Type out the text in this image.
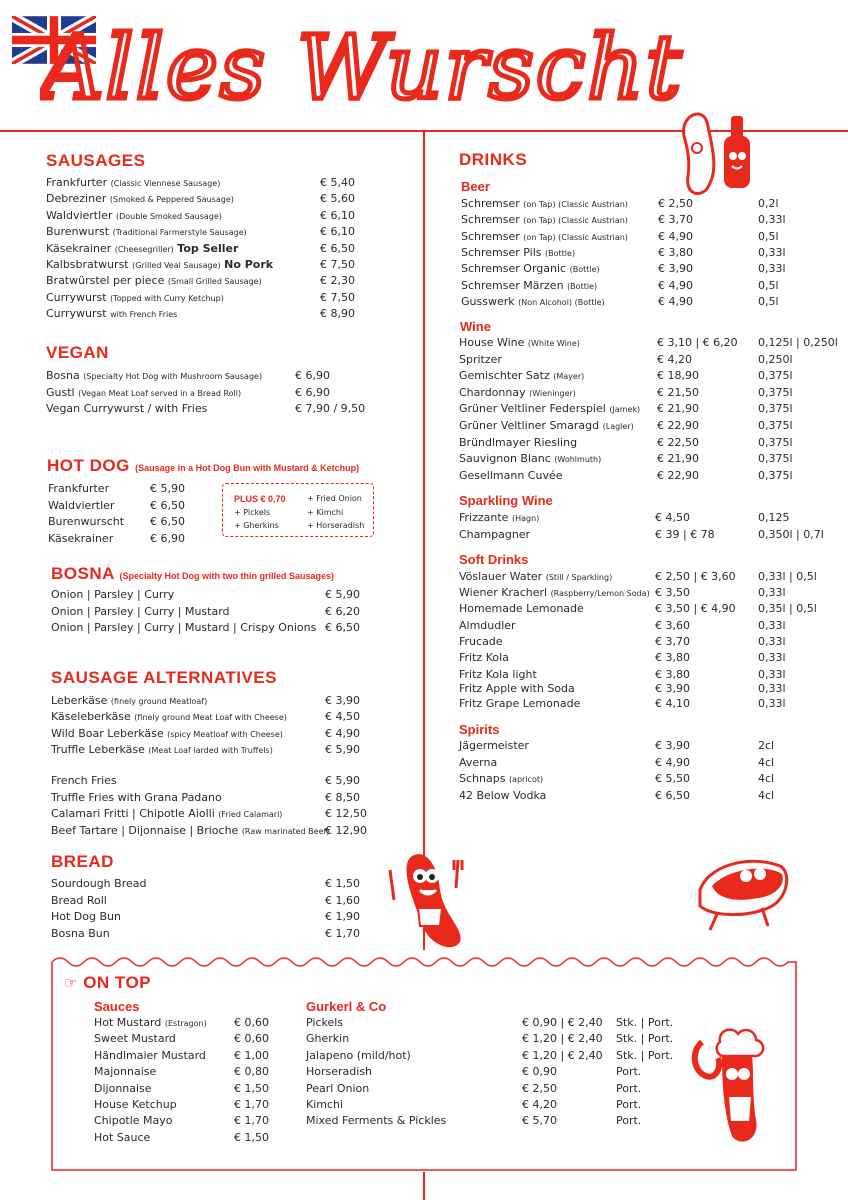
Alles Wurscht
SAUSAGES
Frankfurter (Classic Viennese Sausage)	€ 5,40
Debreziner (Smoked & Peppered Sausage)	€ 5,60
Waldviertler (Double Smoked Sausage)	€ 6,10
Burenwurst (Traditional Farmerstyle Sausage)	€ 6,10
Käsekrainer (Cheesegriller) Top Seller	€ 6,50
Kalbsbratwurst (Grilled Veal Sausage) No Pork	€ 7,50
Bratwürstel per piece (Small Grilled Sausage)	€ 2,30
Currywurst (Topped with Curry Ketchup)	€ 7,50
Currywurst with French Fries	€ 8,90
VEGAN
Bosna (Specialty Hot Dog with Mushroom Sausage)	€ 6,90
Gustl (Vegan Meat Loaf served in a Bread Roll)	€ 6,90
Vegan Currywurst / with Fries	€ 7,90 / 9,50
HOT DOG (Sausage in a Hot Dog Bun with Mustard & Ketchup)
Frankfurter	€ 5,90
Waldviertler	€ 6,50
Burenwurscht € 6,50
Käsekrainer	€ 6,90
PLUS € 0,70	+ Fried Onion
+ Pickels	+ Kimchi
+ Gherkins	+ Horseradish
BOSNA (Specialty Hot Dog with two thin grilled Sausages)
Onion | Parsley | Curry	€ 5,90
Onion | Parsley | Curry | Mustard	€ 6,20
Onion | Parsley | Curry | Mustard | Crispy Onions € 6,50
SAUSAGE ALTERNATIVES
Leberkäse (finely ground Meatloaf)	€ 3,90
Käseleberkäse (finely ground Meat Loaf with Cheese)	€ 4,50
Wild Boar Leberkäse (spicy Meatloaf with Cheese)	€ 4,90
Truffle Leberkäse (Meat Loaf larded with Truffels)	€ 5,90
French Fries	€ 5,90
Truffle Fries with Grana Padano	€ 8,50
Calamari Fritti | Chipotle Aiolli (Fried Calamari)	€ 12,50
Beef Tartare | Dijonnaise | Brioche (Raw marinated Beef)
€ 12,90
BREAD
Sourdough Bread	€ 1,50
Bread Roll	€ 1,60
Hot Dog Bun	€ 1,90
Bosna Bun	€ 1,70
DRINKS
Beer
Schremser (on Tap) (Classic Austrian)	€ 2,50	0,2l
Schremser (on Tap) (Classic Austrian)	€ 3,70	0,33l
Schremser (on Tap) (Classic Austrian)	€ 4,90	0,5l
Schremser Pils (Bottle)	€ 3,80	0,33l
Schremser Organic (Bottle)	€ 3,90	0,33l
Schremser Märzen (Bottle)	€ 4,90	0,5l
Gusswerk (Non Alcohol) (Bottle)	€ 4,90	0,5l
Wine
House Wine (White Wine)	€ 3,10 | € 6,20 0,125l | 0,250l
Spritzer	€ 4,20	0,250l
Gemischter Satz (Mayer)	€ 18,90	0,375l
Chardonnay (Wieninger)	€ 21,50	0,375l
Grüner Veltliner Federspiel (Jamek) € 21,90	0,375l
Grüner Veltliner Smaragd (Lagler) € 22,90	0,375l
Bründlmayer Riesling	€ 22,50	0,375l
Sauvignon Blanc (Wohlmuth)	€ 21,90	0,375l
Gesellmann Cuvée	€ 22,90	0,375l
Sparkling Wine
Frizzante (Hagn)	€ 4,50	0,125
Champagner	€ 39 | € 78	0,350l | 0,7l
Soft Drinks
Vöslauer Water (Still / Sparkling)	€ 2,50 | € 3,60 0,33l | 0,5l
Wiener Kracherl (Raspberry/Lemon Soda) € 3,50	0,33l
Homemade Lemonade	€ 3,50 | € 4,90 0,35l | 0,5l
Almdudler	€ 3,60	0,33l
Frucade	€ 3,70	0,33l
Fritz Kola	€ 3,80	0,33l
Fritz Kola light	€ 3,80	0,33l
Fritz Apple with Soda	€ 3,90	0,33l
Fritz Grape Lemonade	€ 4,10	0,33l
Spirits
Jägermeister	€ 3,90	2cl
Averna	€ 4,90	4cl
Schnaps (apricot)	€ 5,50	4cl
42 Below Vodka	€ 6,50	4cl
☞ ON TOP
Sauces
Hot Mustard (Estragon) € 0,60
Sweet Mustard	€ 0,60
Händlmaier Mustard	€ 1,00
Majonnaise	€ 0,80
Dijonnaise	€ 1,50
House Ketchup	€ 1,70
Chipotle Mayo	€ 1,70
Hot Sauce	€ 1,50
Gurkerl & Co
Pickels	€ 0,90 | € 2,40 Stk. | Port.
Gherkin	€ 1,20 | € 2,40 Stk. | Port.
Jalapeno (mild/hot)	€ 1,20 | € 2,40 Stk. | Port.
Horseradish	€ 0,90	Port.
Pearl Onion	€ 2,50	Port.
Kimchi	€ 4,20	Port.
Mixed Ferments & Pickles	€ 5,70	Port.
